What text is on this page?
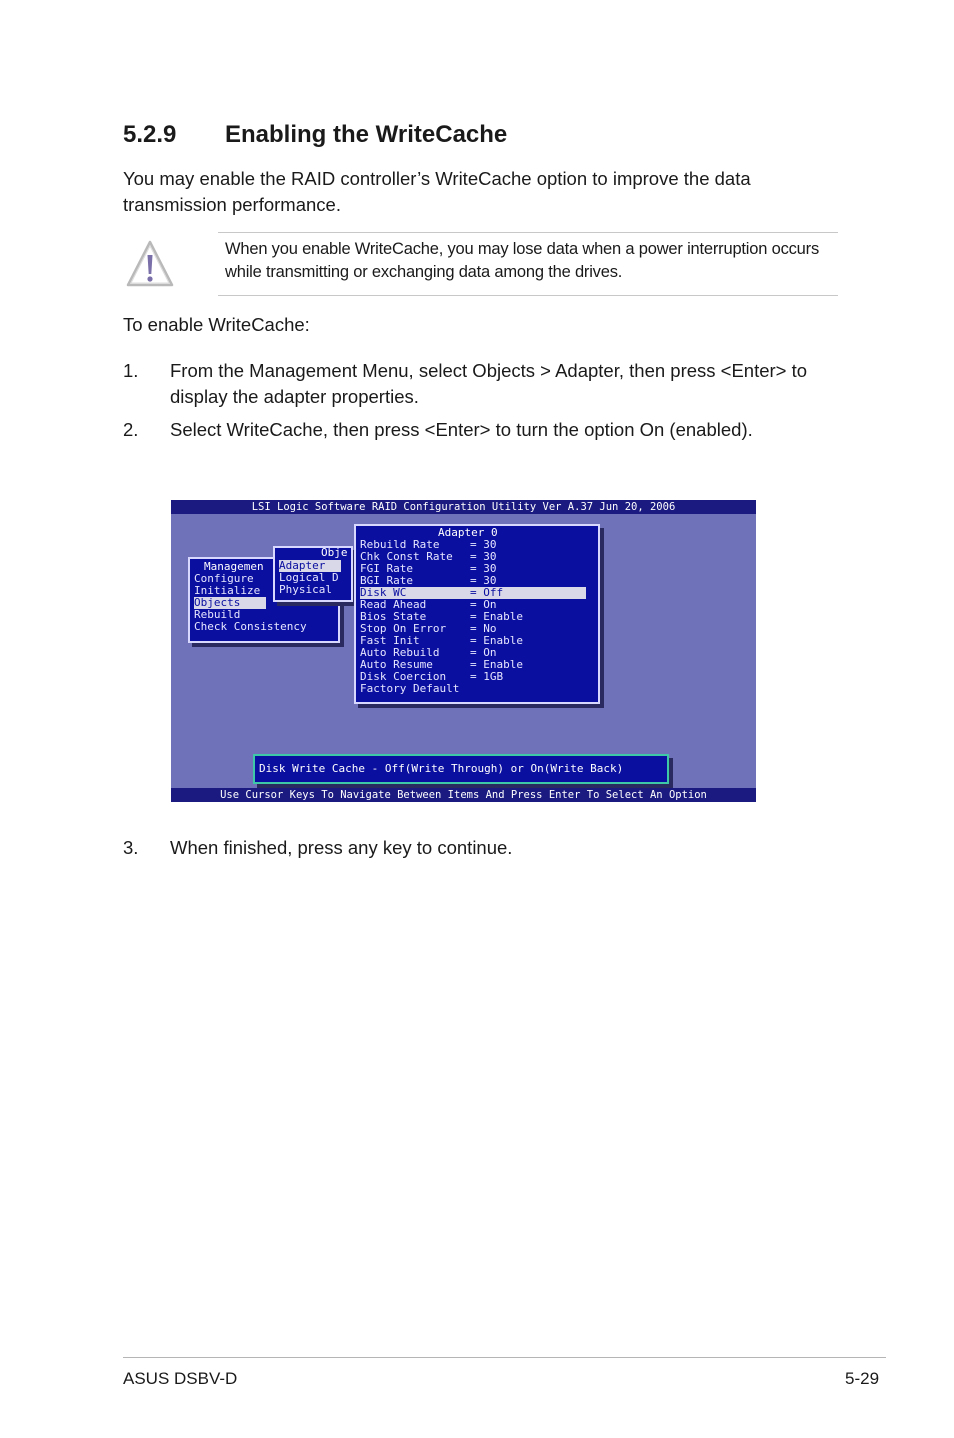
5.2.9 Enabling the WriteCache
You may enable the RAID controller’s WriteCache option to improve the data transmission performance.
When you enable WriteCache, you may lose data when a power interruption occurs while transmitting or exchanging data among the drives.
To enable WriteCache:
1. From the Management Menu, select Objects > Adapter, then press <Enter> to display the adapter properties.
2. Select WriteCache, then press <Enter> to turn the option On (enabled).
LSI Logic Software RAID Configuration Utility Ver A.37 Jun 20, 2006
Managemen
Configure
Initialize
Objects
Rebuild
Check Consistency
Obje
Adapter
Logical D
Physical
Adapter 0
Rebuild Rate	= 30
Chk Const Rate = 30
FGI Rate	= 30
BGI Rate	= 30
Disk WC	= Off
Read Ahead	= On
Bios State	= Enable
Stop On Error = No
Fast Init	= Enable
Auto Rebuild	= On
Auto Resume	= Enable
Disk Coercion = 1GB
Factory Default
Disk Write Cache - Off(Write Through) or On(Write Back)
Use Cursor Keys To Navigate Between Items And Press Enter To Select An Option
3. When finished, press any key to continue.
ASUS DSBV-D	5-29
